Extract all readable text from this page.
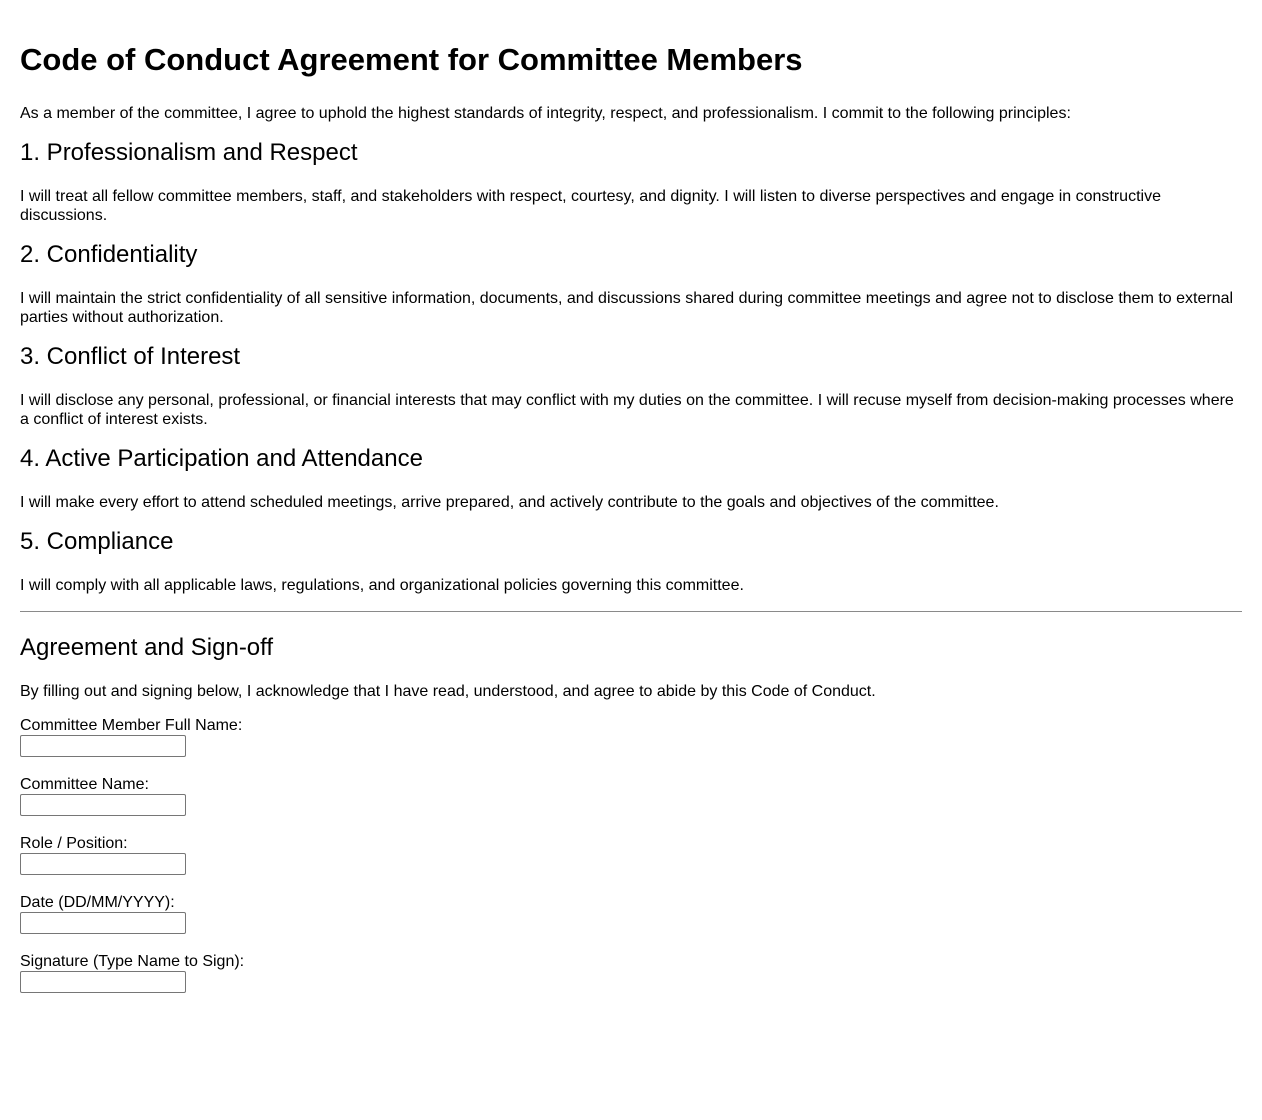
Code of Conduct Agreement for Committee Members

As a member of the committee, I agree to uphold the highest standards of integrity, respect, and professionalism. I commit to the following principles:

1. Professionalism and Respect

I will treat all fellow committee members, staff, and stakeholders with respect, courtesy, and dignity. I will listen to diverse perspectives and engage in constructive discussions.

2. Confidentiality

I will maintain the strict confidentiality of all sensitive information, documents, and discussions shared during committee meetings and agree not to disclose them to external parties without authorization.

3. Conflict of Interest

I will disclose any personal, professional, or financial interests that may conflict with my duties on the committee. I will recuse myself from decision-making processes where a conflict of interest exists.

4. Active Participation and Attendance

I will make every effort to attend scheduled meetings, arrive prepared, and actively contribute to the goals and objectives of the committee.

5. Compliance

I will comply with all applicable laws, regulations, and organizational policies governing this committee.

Agreement and Sign-off

By filling out and signing below, I acknowledge that I have read, understood, and agree to abide by this Code of Conduct.

Committee Member Full Name:
Committee Name:
Role / Position:
Date (DD/MM/YYYY):
Signature (Type Name to Sign):
